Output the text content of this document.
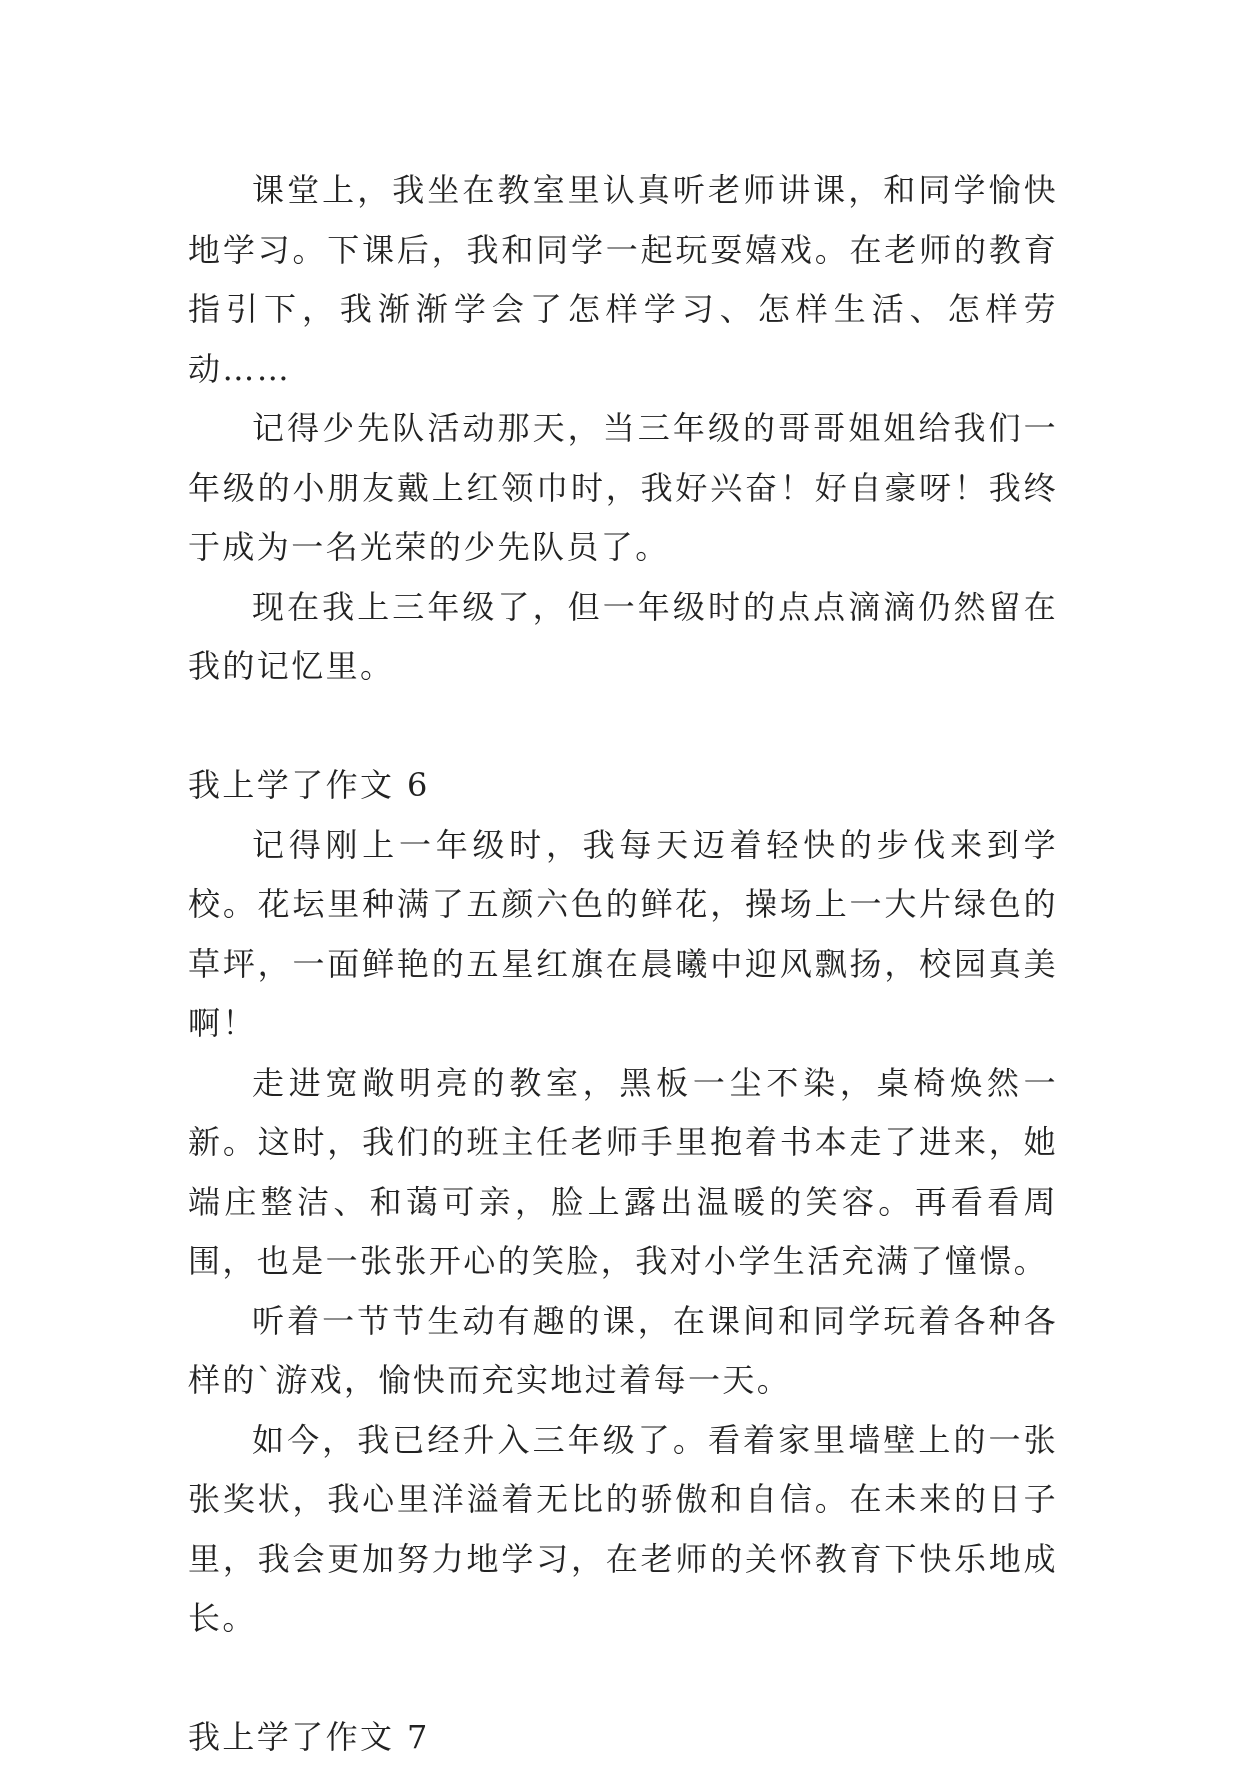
课堂上，我坐在教室里认真听老师讲课，和同学愉快地学习。下课后，我和同学一起玩耍嬉戏。在老师的教育指引下，我渐渐学会了怎样学习、怎样生活、怎样劳动……

记得少先队活动那天，当三年级的哥哥姐姐给我们一年级的小朋友戴上红领巾时，我好兴奋！好自豪呀！我终于成为一名光荣的少先队员了。

现在我上三年级了，但一年级时的点点滴滴仍然留在我的记忆里。

我上学了作文 6

记得刚上一年级时，我每天迈着轻快的步伐来到学校。花坛里种满了五颜六色的鲜花，操场上一大片绿色的草坪，一面鲜艳的五星红旗在晨曦中迎风飘扬，校园真美啊！

走进宽敞明亮的教室，黑板一尘不染，桌椅焕然一新。这时，我们的班主任老师手里抱着书本走了进来，她端庄整洁、和蔼可亲，脸上露出温暖的笑容。再看看周围，也是一张张开心的笑脸，我对小学生活充满了憧憬。

听着一节节生动有趣的课，在课间和同学玩着各种各样的`游戏，愉快而充实地过着每一天。

如今，我已经升入三年级了。看着家里墙壁上的一张张奖状，我心里洋溢着无比的骄傲和自信。在未来的日子里，我会更加努力地学习，在老师的关怀教育下快乐地成长。

我上学了作文 7
